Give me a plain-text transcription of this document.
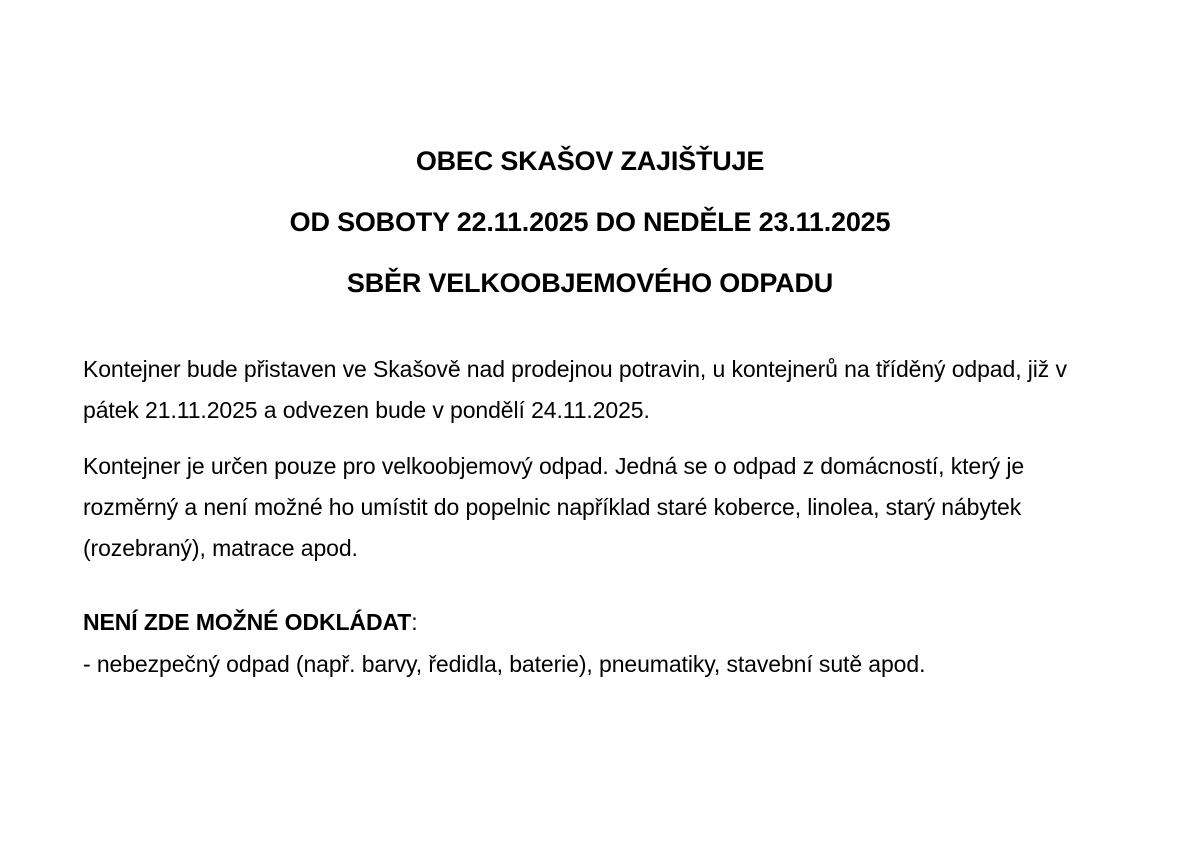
OBEC SKAŠOV ZAJIŠŤUJE
OD SOBOTY 22.11.2025 DO NEDĚLE 23.11.2025
SBĚR VELKOOBJEMOVÉHO ODPADU
Kontejner bude přistaven ve Skašově nad prodejnou potravin, u kontejnerů na tříděný odpad, již v pátek 21.11.2025 a odvezen bude v pondělí 24.11.2025.
Kontejner je určen pouze pro velkoobjemový odpad. Jedná se o odpad z domácností, který je rozměrný a není možné ho umístit do popelnic například staré koberce, linolea, starý nábytek (rozebraný), matrace apod.
NENÍ ZDE MOŽNÉ ODKLÁDAT:
- nebezpečný odpad (např. barvy, ředidla, baterie), pneumatiky, stavební sutě apod.
